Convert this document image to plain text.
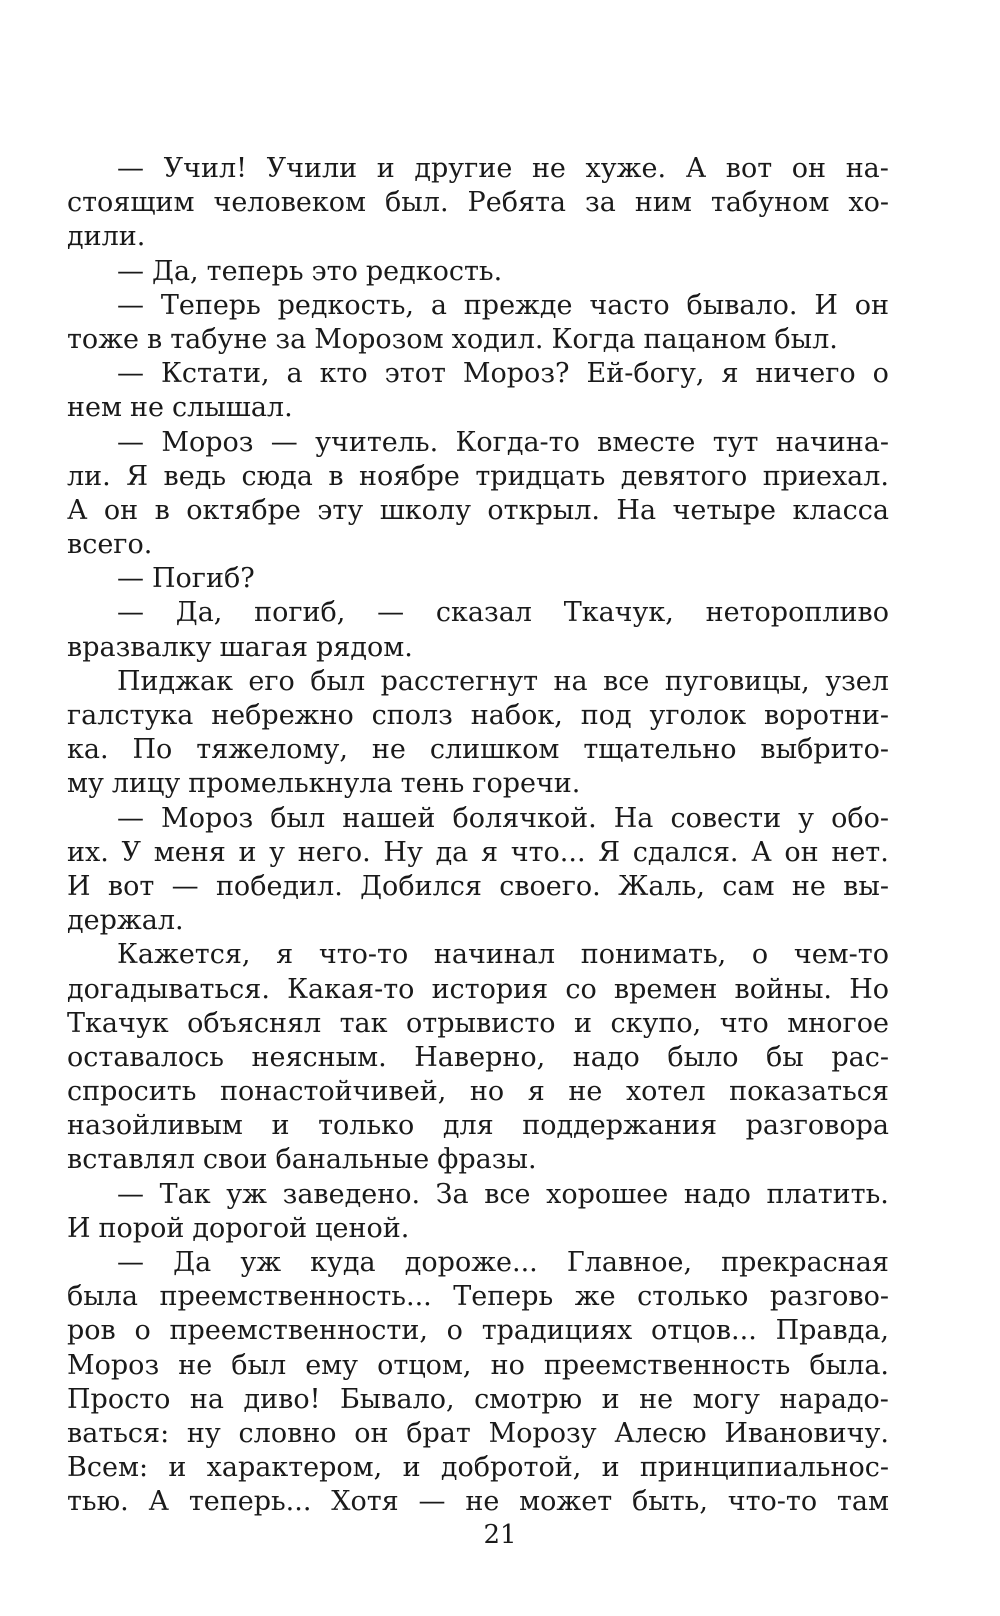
— Учил! Учили и другие не хуже. А вот он на-
стоящим человеком был. Ребята за ним табуном хо-
дили.
— Да, теперь это редкость.
— Теперь редкость, а прежде часто бывало. И он
тоже в табуне за Морозом ходил. Когда пацаном был.
— Кстати, а кто этот Мороз? Ей-богу, я ничего о
нем не слышал.
— Мороз — учитель. Когда-то вместе тут начина-
ли. Я ведь сюда в ноябре тридцать девятого приехал.
А он в октябре эту школу открыл. На четыре класса
всего.
— Погиб?
— Да, погиб, — сказал Ткачук, неторопливо
вразвалку шагая рядом.
Пиджак его был расстегнут на все пуговицы, узел
галстука небрежно сполз набок, под уголок воротни-
ка. По тяжелому, не слишком тщательно выбрито-
му лицу промелькнула тень горечи.
— Мороз был нашей болячкой. На совести у обо-
их. У меня и у него. Ну да я что... Я сдался. А он нет.
И вот — победил. Добился своего. Жаль, сам не вы-
держал.
Кажется, я что-то начинал понимать, о чем-то
догадываться. Какая-то история со времен войны. Но
Ткачук объяснял так отрывисто и скупо, что многое
оставалось неясным. Наверно, надо было бы рас-
спросить понастойчивей, но я не хотел показаться
назойливым и только для поддержания разговора
вставлял свои банальные фразы.
— Так уж заведено. За все хорошее надо платить.
И порой дорогой ценой.
— Да уж куда дороже... Главное, прекрасная
была преемственность... Теперь же столько разгово-
ров о преемственности, о традициях отцов... Правда,
Мороз не был ему отцом, но преемственность была.
Просто на диво! Бывало, смотрю и не могу нарадо-
ваться: ну словно он брат Морозу Алесю Ивановичу.
Всем: и характером, и добротой, и принципиальнос-
тью. А теперь... Хотя — не может быть, что-то там
21
